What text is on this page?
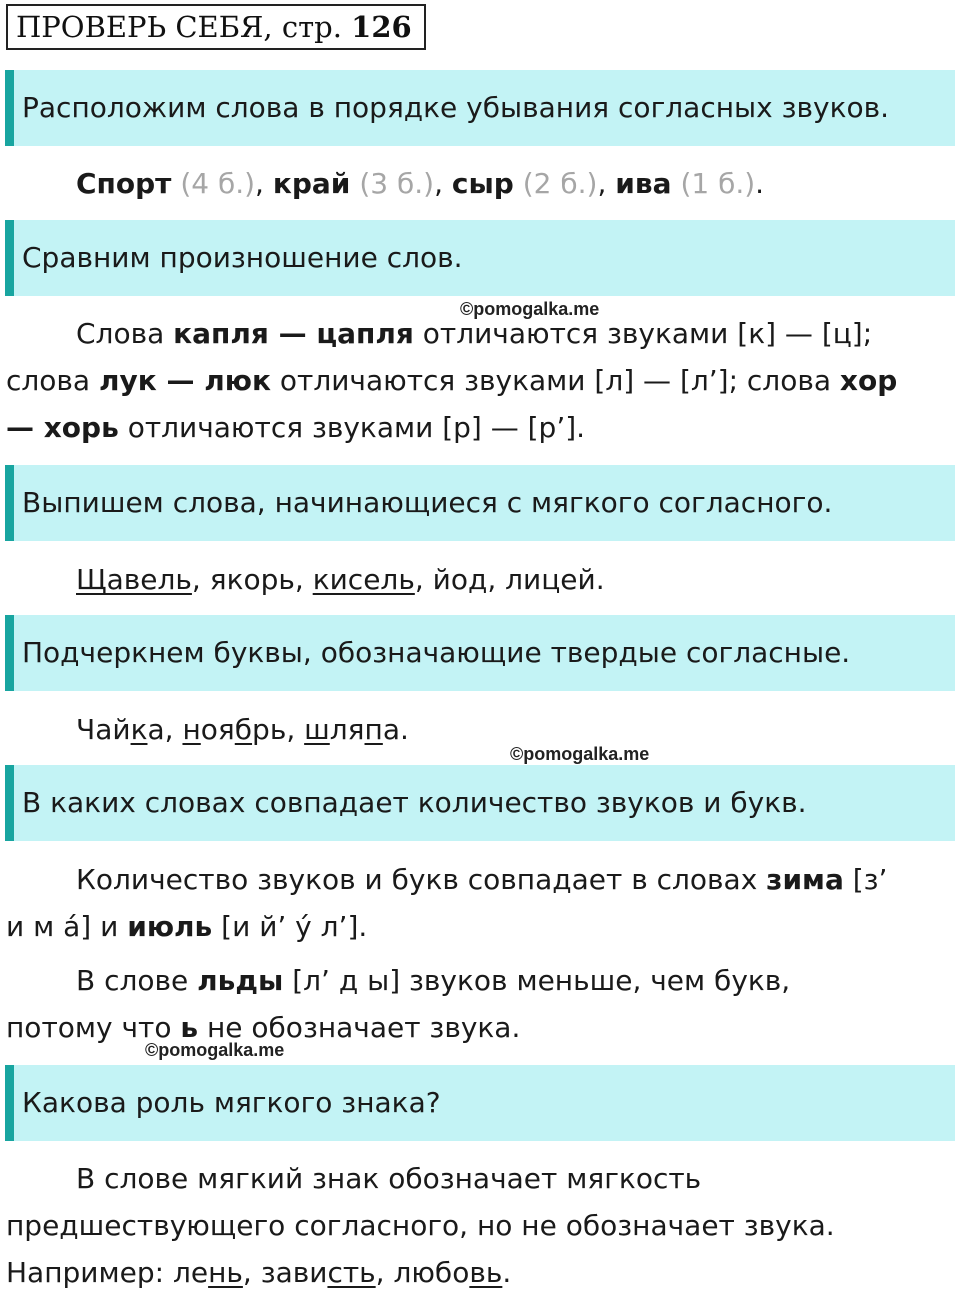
ПРОВЕРЬ СЕБЯ, стр. 126
Расположим слова в порядке убывания согласных звуков.
Спорт (4 б.), край (3 б.), сыр (2 б.), ива (1 б.).
Сравним произношение слов.
©pomogalka.me
Слова капля — цапля отличаются звуками [к] — [ц];
слова лук — люк отличаются звуками [л] — [л’]; слова хор
— хорь отличаются звуками [р] — [р’].
Выпишем слова, начинающиеся с мягкого согласного.
Щавель, якорь, кисель, йод, лицей.
Подчеркнем буквы, обозначающие твердые согласные.
Чайка, ноябрь, шляпа.
©pomogalka.me
В каких словах совпадает количество звуков и букв.
Количество звуков и букв совпадает в словах зима [з’
и м а́] и июль [и й’ у́ л’].
В слове льды [л’ д ы] звуков меньше, чем букв,
потому что ь не обозначает звука.
©pomogalka.me
Какова роль мягкого знака?
В слове мягкий знак обозначает мягкость
предшествующего согласного, но не обозначает звука.
Например: лень, зависть, любовь.
